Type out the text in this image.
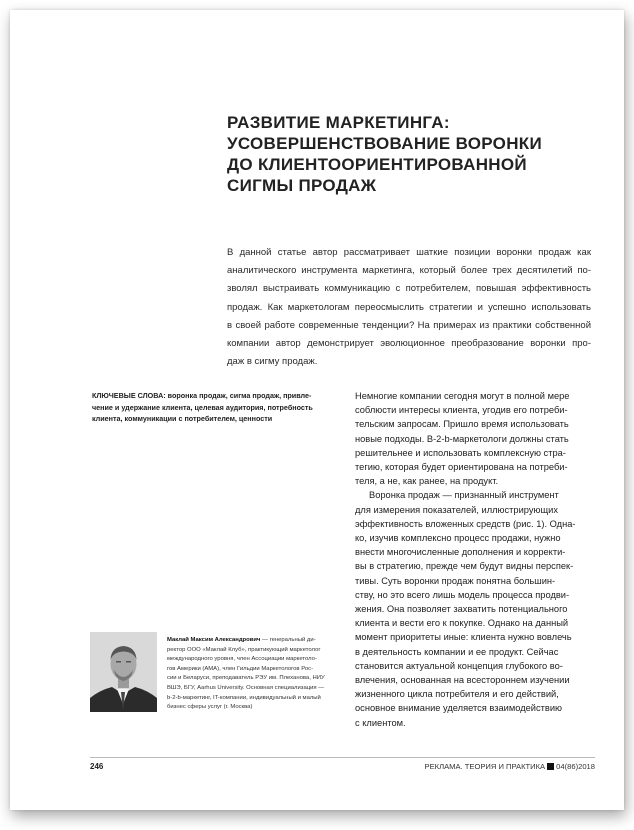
РАЗВИТИЕ МАРКЕТИНГА:
УСОВЕРШЕНСТВОВАНИЕ ВОРОНКИ
ДО КЛИЕНТООРИЕНТИРОВАННОЙ
СИГМЫ ПРОДАЖ
В данной статье автор рассматривает шаткие позиции воронки продаж как
аналитического инструмента маркетинга, который более трех десятилетий по-
зволял выстраивать коммуникацию с потребителем, повышая эффективность
продаж. Как маркетологам переосмыслить стратегии и успешно использовать
в своей работе современные тенденции? На примерах из практики собственной
компании автор демонстрирует эволюционное преобразование воронки про-
даж в сигму продаж.
КЛЮЧЕВЫЕ СЛОВА: воронка продаж, сигма продаж, привле-
чение и удержание клиента, целевая аудитория, потребность
клиента, коммуникации с потребителем, ценности
Немногие компании сегодня могут в полной мере
соблюсти интересы клиента, угодив его потреби-
тельским запросам. Пришло время использовать
новые подходы. B-2-b-маркетологи должны стать
решительнее и использовать комплексную стра-
тегию, которая будет ориентирована на потреби-
теля, а не, как ранее, на продукт.
Воронка продаж — признанный инструмент
для измерения показателей, иллюстрирующих
эффективность вложенных средств (рис. 1). Одна-
ко, изучив комплексно процесс продажи, нужно
внести многочисленные дополнения и корректи-
вы в стратегию, прежде чем будут видны перспек-
тивы. Суть воронки продаж понятна большин-
ству, но это всего лишь модель процесса продви-
жения. Она позволяет захватить потенциального
клиента и вести его к покупке. Однако на данный
момент приоритеты иные: клиента нужно вовлечь
в деятельность компании и ее продукт. Сейчас
становится актуальной концепция глубокого во-
влечения, основанная на всестороннем изучении
жизненного цикла потребителя и его действий,
основное внимание уделяется взаимодействию
с клиентом.
Маклай Максим Александрович — генеральный ди-
ректор ООО «Маклай Клуб», практикующий маркетолог
международного уровня, член Ассоциации маркетоло-
гов Америки (АМА), член Гильдии Маркетологов Рос-
сии и Беларуси, преподаватель РЭУ им. Плеханова, НИУ
ВШЭ, БГУ, Aarhus University. Основная специализация —
b-2-b-маркетинг, IT-компании, индивидуальный и малый
бизнес сферы услуг (г. Москва)
246	РЕКЛАМА. ТЕОРИЯ И ПРАКТИКА 04(86)2018
